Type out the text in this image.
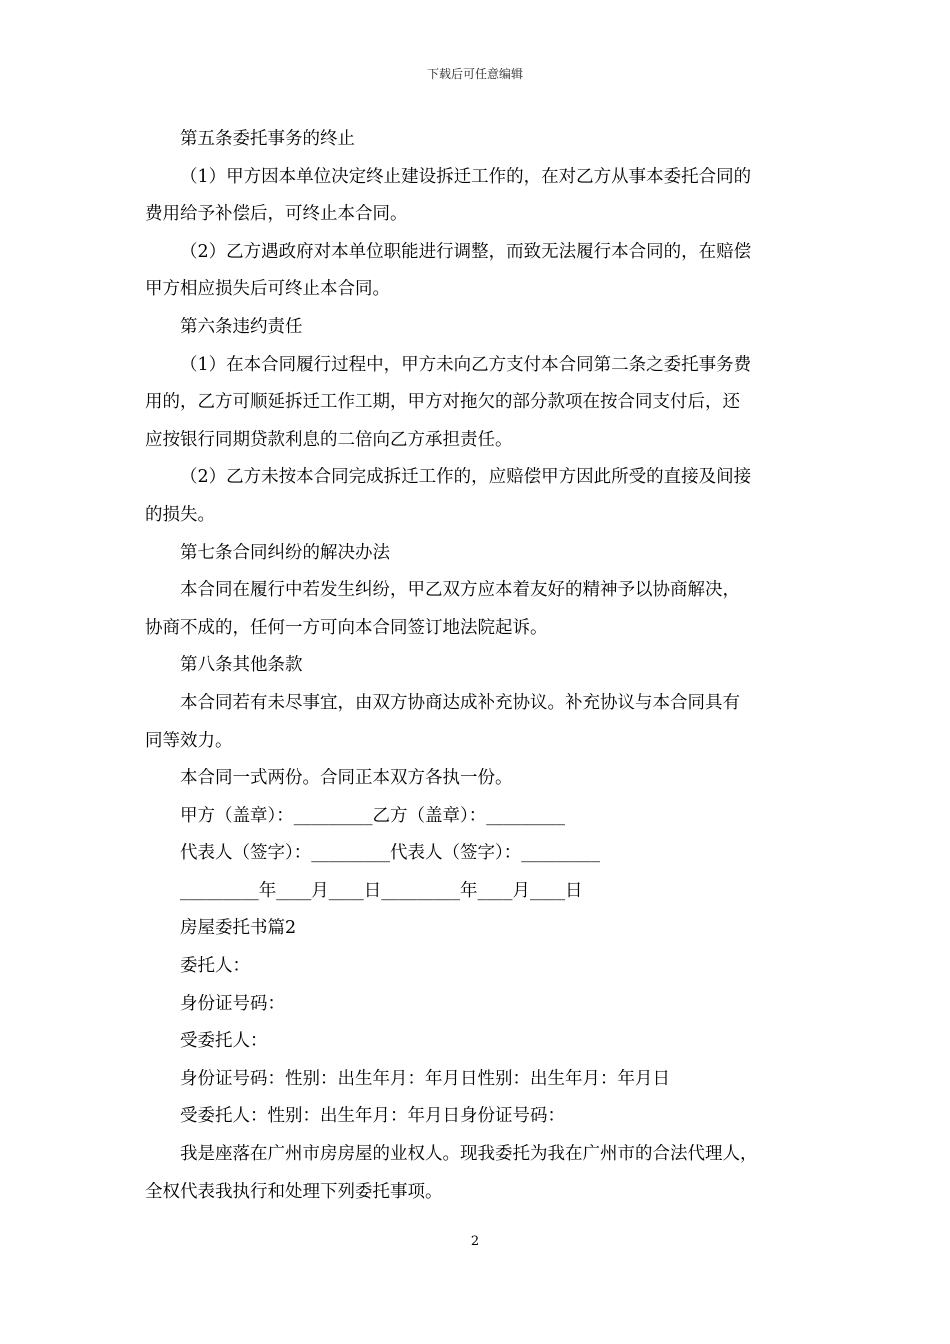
下载后可任意编辑
第五条委托事务的终止
（1）甲方因本单位决定终止建设拆迁工作的，在对乙方从事本委托合同的
费用给予补偿后，可终止本合同。
（2）乙方遇政府对本单位职能进行调整，而致无法履行本合同的，在赔偿
甲方相应损失后可终止本合同。
第六条违约责任
（1）在本合同履行过程中，甲方未向乙方支付本合同第二条之委托事务费
用的，乙方可顺延拆迁工作工期，甲方对拖欠的部分款项在按合同支付后，还
应按银行同期贷款利息的二倍向乙方承担责任。
（2）乙方未按本合同完成拆迁工作的，应赔偿甲方因此所受的直接及间接
的损失。
第七条合同纠纷的解决办法
本合同在履行中若发生纠纷，甲乙双方应本着友好的精神予以协商解决，
协商不成的，任何一方可向本合同签订地法院起诉。
第八条其他条款
本合同若有未尽事宜，由双方协商达成补充协议。补充协议与本合同具有
同等效力。
本合同一式两份。合同正本双方各执一份。
甲方（盖章）：_________乙方（盖章）：_________
代表人（签字）：_________代表人（签字）：_________
_________年____月____日_________年____月____日
房屋委托书篇2
委托人：
身份证号码：
受委托人：
身份证号码：性别：出生年月：年月日性别：出生年月：年月日
受委托人：性别：出生年月：年月日身份证号码：
我是座落在广州市房房屋的业权人。现我委托为我在广州市的合法代理人，
全权代表我执行和处理下列委托事项。
2
